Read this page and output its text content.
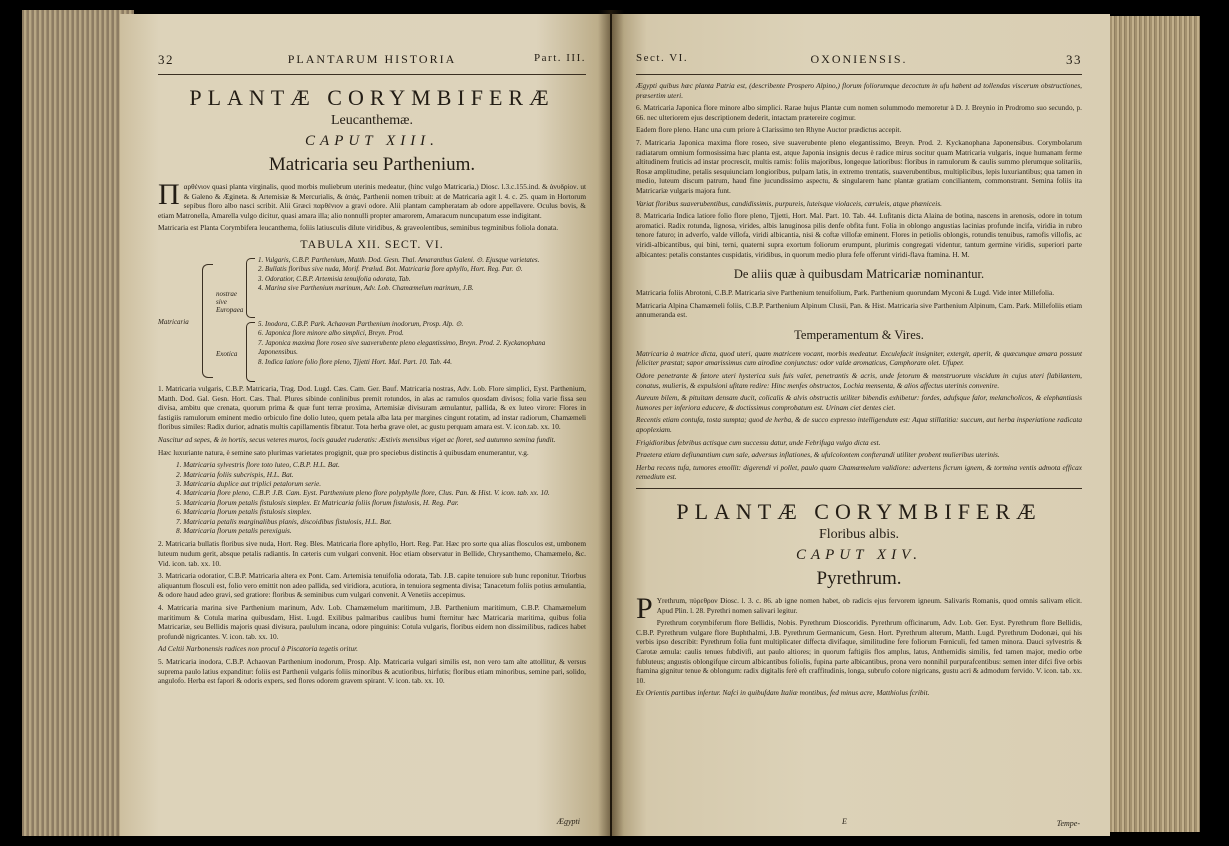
32	PLANTARUM HISTORIA	Part. III.
PLANTÆ CORYMBIFERÆ
Leucanthemæ.
CAPUT XIII.
Matricaria seu Parthenium.

Παρθένιον quasi planta virginalis, quod morbis muliebrum uterinis medeatur, (hinc vulgo Matricaria,) Diosc. l.3.c.155.ind. & ἀνυδρίον. ut & Galeno & Ægineta. & Artemisiæ & Mercurialis, & ἁπάς, Parthenii nomen tribuit: at de Matricaria agit l. 4. c. 25. quam in Hortorum sepibus floro albo nasci scribit. Alii Græci παρθένιον a gravi odore. Alii plantam campheratam ab odore appellavere. Oculus bovis, & etiam Matronella, Amarella vulgo dicitur, quasi amara illa; alio nonnulli propter amarorem, Amaracum nuncupatum esse indigitant.

Matricaria est Planta Corymbifera leucanthema, foliis latiusculis dilute viridibus, & graveolentibus, seminibus tegminibus foliola donata.

TABULA XII. SECT. VI.
Matricaria
nostrae sive Europaea
Exotica
1. Vulgaris, C.B.P. Parthenium, Matth. Dod. Gesn. Thal. Amaranthus Galeni. ⊙. Ejusque varietates.
2. Bullatis floribus sive nuda, Morif. Prælud. Bot. Matricaria flore aphyllo, Hort. Reg. Par. ⊙.
3. Odoratior, C.B.P. Artemisia tenuifolia odorata, Tab.
4. Marina sive Parthenium marinum, Adv. Lob. Chamæmelum marinum, J.B.
5. Inodora, C.B.P. Park. Achaovan Parthenium inodorum, Prosp. Alp. ⊙.
6. Japonica flore minore albo simplici, Breyn. Prod.
7. Japonica maxima flore roseo sive suaverubente pleno elegantissimo, Breyn. Prod. 2. Kyckanophana Japonensibus.
8. Indica latiore folio flore pleno, Tjjetti Hort. Mal. Part. 10. Tab. 44.

1. Matricaria vulgaris, C.B.P. Matricaria, Trag. Dod. Lugd. Cæs. Cam. Ger. Bauf. Matricaria nostras, Adv. Lob. Flore simplici, Eyst. Parthenium, Matth. Dod. Gal. Gesn. Hort. Cæs. Thal. Plures sibinde conlinibus premit rotundos, in alas ac ramulos quosdam divisos; folia varie fissa seu divisa, ambitu que crenata, quorum prima & quæ funt terræ proxima, Artemisiæ divisuram æmulantur, pallida, & ex luteo virore: Flores in fastigiis ramulorum eminent medio orbiculo fine dolio luteo, quem petala alba lata per margines cingunt rotatim, ad instar radiorum, Chamæmeli floribus similes: Radix durior, adnatis multis capillamentis fibratur. Tota herba grave olet, ac gustu perquam amara est. V. icon.tab. xx. 10.

Nascitur ad sepes, & in hortis, secus veteres muros, locis gaudet ruderatis: Æstivis mensibus viget ac floret, sed autumno semina fundit.

Hæc luxuriante natura, è semine sato plurimas varietates progignit, quæ pro speciebus distinctis à quibusdam enumerantur, v.g.

1. Matricaria sylvestris flore toto luteo, C.B.P. H.L. Bat.
2. Matricaria foliis subcrispis, H.L. Bat.
3. Matricaria duplice aut triplici petalorum serie.
4. Matricaria flore pleno, C.B.P. J.B. Cam. Eyst. Parthenium pleno flore polyphylle flore, Clus. Pan. & Hist. V. icon. tab. xx. 10.
5. Matricaria florum petalis fistulosis simplex. Et Matricaria foliis florum fistulosis, H. Reg. Par.
6. Matricaria florum petalis fistulosis simplex.
7. Matricaria petalis marginalibus planis, discoidibus fistulosis, H.L. Bat.
8. Matricaria florum petalis perexiguis.

2. Matricaria bullatis floribus sive nuda, Hort. Reg. Bles. Matricaria flore aphyllo, Hort. Reg. Par. Hæc pro sorte qua alias flosculos est, umbonem luteum nudum gerit, absque petalis radiantis. In cæteris cum vulgari convenit. Hoc etiam observatur in Bellide, Chrysanthemo, Chamæmelo, &c. Vid. icon. tab. xx. 10.

3. Matricaria odoratior, C.B.P. Matricaria altera ex Pont. Cam. Artemisia tenuifolia odorata, Tab. J.B. capite tenuiore sub hunc reponitur. Triorbus aliquantum flosculi est, folio vero emittit non adeo pallida, sed viridiora, acutiora, in tenuiora segmenta divisa; Tanacetum foliis potius æmulantia, & odore haud adeo gravi, sed gratiore: floribus & seminibus cum vulgari convenit. A Venetiis accepimus.

4. Matricaria marina sive Parthenium marinum, Adv. Lob. Chamæmelum maritimum, J.B. Parthenium maritimum, C.B.P. Chamæmelum maritimum & Cotula marina quibusdam, Hist. Lugd. Exilibus palmaribus caulibus humi fternitur hæc Matricaria maritima, quibus folia Matricariæ, seu Bellidis majoris quasi divisura, paululum incana, odore pinguinis: Cotula vulgaris, floribus eidem non dissimilibus, radices habet profundè nigricantes. V. icon. tab. xx. 10.

Ad Celtii Narbonensis radices non procul à Piscatoria tegetis oritur.

5. Matricaria inodora, C.B.P. Achaovan Parthenium inodorum, Prosp. Alp. Matricaria vulgari similis est, non vero tam alte attollitur, & versus suprema paulo latius expanditur: foliis est Parthenii vulgaris foliis minoribus & acutioribus, hirfutis; floribus etiam minoribus, semine pari, solido, angulofo. Herba est fapori & odoris expers, sed flores odorem gravem spirant. V. icon. tab. xx. 10.

Ægypti
Sect. VI.	OXONIENSIS.	33

Ægypti quibus hæc planta Patria est, (describente Prospero Alpino,) florum foliorumque decoctum in ufu habent ad tollendas viscerum obstructiones, præsertim uteri.

6. Matricaria Japonica flore minore albo simplici. Rarae hujus Plantæ cum nomen solummodo memoretur à D. J. Breynio in Prodromo suo secundo, p. 66. nec ulteriorem ejus descriptionem dederit, intactam prætereire cogimur.

Eadem flore pleno. Hanc una cum priore à Clarissimo ten Rhyne Auctor prædictus accepit.

7. Matricaria Japonica maxima flore roseo, sive suaverubente pleno elegantissimo, Breyn. Prod. 2. Kyckanophana Japonensibus. Corymbolarum radiatarum omnium formosissima hæc planta est, atque Japonia insignis decus è radice mirus socitur quam Matricaria vulgaris, inque humanam ferme altitudinem fruticis ad instar procrescit, multis ramis: foliis majoribus, longeque latioribus: floribus in ramulorum & caulis summo plerumque solitariis, Rosæ amplitudine, petalis sesquiunciam longioribus, pulpam latis, in extremo trentatis, suaverubentibus, multiplicibus, lepis luxuriantibus; qua tamen in medio, luteum discum patrum, haud fine jucundissimo aspectu, & singularem hanc plantæ gratiam conciliantem, commonstrant. Semina foliis ita Matricariæ vulgaris majora funt.

Variat floribus suaverubentibus, candidissimis, purpureis, luteisque violaceis, cæruleis, atque phæniceis.

8. Matricaria Indica latiore folio flore pleno, Tjjetti, Hort. Mal. Part. 10. Tab. 44. Lufitanis dicta Alaina de botina, nascens in arenosis, odore in totum aromatici. Radix rotunda, lignosa, virides, albis lanuginosa pilis denfe obfita funt. Folia in oblongo angustias lacinias profunde incifa, viridia in rubro tenore faturo; in adverfo, valde villofa, viridi albicantia, nisi & coftæ villofæ eminent. Flores in petiolis oblongis, rotundis tenuibus, ramofis villofis, ac viridi-albicantibus, qui bini, terni, quaterni supra exortum foliorum erumpunt, plurimis congregati videntur, tantum germine viridis, superiori parte albicantes: petalis constantes cuspidatis, viridibus, in quorum medio plura fefe offerunt viridi-flava ftamina. H. M.

De aliis quæ à quibusdam Matricariæ nominantur.

Matricaria foliis Abrotoni, C.B.P. Matricaria sive Parthenium tenuifolium, Park. Parthenium quorundam Myconi & Lugd. Vide inter Millefolia.

Matricaria Alpina Chamæmeli foliis, C.B.P. Parthenium Alpinum Clusii, Pan. & Hist. Matricaria sive Parthenium Alpinum, Cam. Park. Millefoliis etiam annumeranda est.

Temperamentum & Vires.

Matricaria à matrice dicta, quod uteri, quam matricem vocant, morbis medeatur. Exculefacit insigniter, extergit, aperit, & quæcunque amara possunt feliciter præstat; sapor amarissimus cum airodine conjunctus: odor valde aromaticus, Camphoram olet. Ufuper.

Odore penetrante & fætore uteri hysterica suis fuis valet, penetrantis & acris, unde fetorum & menstruorum viscidum in cujus uteri flabilantem, conatus, mulieris, & expulsioni ufitam redire: Hinc menfes obstructos, Lochia mensenta, & alios affectus uterinis convenire.

Aureum bilem, & pituitam densam ducit, colicalis & alvis obstructis utiliter bibendis exhibetur: fordes, adufsque falor, melancholicos, & elephantiasis humores per inferiora educere, & doctissimus comprobatum est. Urinam ciet dentes ciet.

Recentis etiam contufa, tosta sumpta; quod de herba, & de succo expresso intelligendum est: Aqua stillatitia: succum, aut herba insperiatione radicata apoplexiam.

Frigidioribus febribus actisque cum successu datur, unde Febrifuga vulgo dicta est.

Praetera etiam defiunantium cum sale, adversus inflationes, & ufulcolontem confterandi utiliter probent mulieribus uterinis.

Herba recens tufa, tumores emollit: digerendi vi pollet, paulo quam Chamæmelum validiore: advertens ficrum ignem, & tormina ventis admota efficax remedium est.

PLANTÆ CORYMBIFERÆ
Floribus albis.
CAPUT XIV.
Pyrethrum.

P Yrethrum, πύρεθρον Diosc. l. 3. c. 86. ab igne nomen habet, ob radicis ejus fervorem igneum. Salivaris Romanis, quod omnis salivam elicit. Apud Plin. l. 28. Pyrethri nomen salivari legitur.

Pyrethrum corymbiferum flore Bellidis, Nobis. Pyrethrum Dioscoridis. Pyrethrum officinarum, Adv. Lob. Ger. Eyst. Pyrethrum flore Bellidis, C.B.P. Pyrethrum vulgare flore Buphthalmi, J.B. Pyrethrum Germanicum, Gesn. Hort. Pyrethrum alterum, Matth. Lugd. Pyrethrum Dodonæi, qui his verbis ipso describit: Pyrethrum folia funt multiplicater diffecta divifaque, similitudine fere foliorum Fœniculi, fed tamen minora. Dauci sylvestris & Carotæ æmula: caulis tenues fubdivifi, aut paulo altiores; in quorum faftigiis flos amplus, latus, Anthemidis similis, fed tamen major, medio orbe fubluteus; angustis oblongifque circum albicantibus foliolis, fupina parte albicantibus, prona vero nonnihil purpurafcentibus: semen inter difci five orbis ftamina gignitur tenue & oblongum: radix digitalis ferè eft craffitudinis, longa, subrufo colore nigricans, gustu acri & admodum fervido. V. icon. tab. xx. 10.

Ex Orientis partibus infertur. Nafci in quibufdam Italiæ montibus, fed minus acre, Matthiolus fcribit.

E	Tempe-
